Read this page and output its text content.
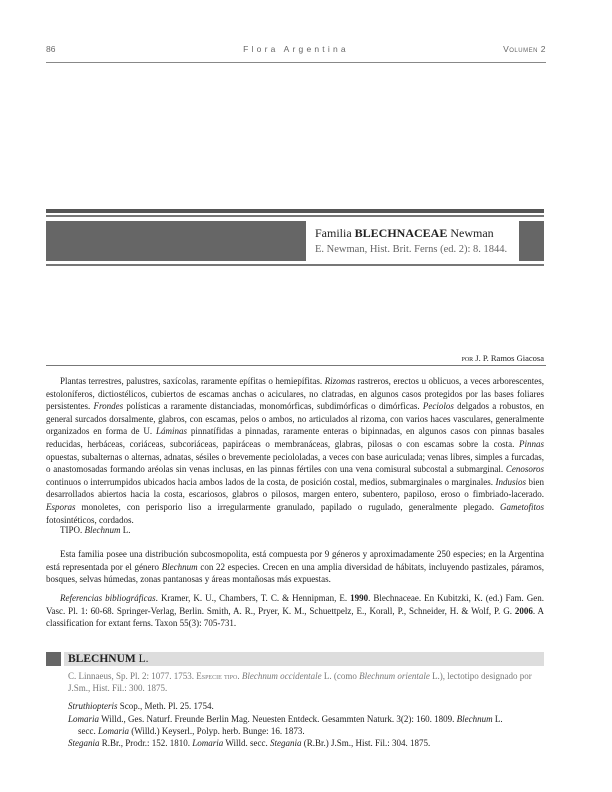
86	Flora Argentina	Volumen 2
Familia BLECHNACEAE Newman
E. Newman, Hist. Brit. Ferns (ed. 2): 8. 1844.
por J. P. Ramos Giacosa
Plantas terrestres, palustres, saxícolas, raramente epífitas o hemiepífitas. Rizomas rastreros, erectos u oblicuos, a veces arborescentes, estoloníferos, dictiostélicos, cubiertos de escamas anchas o aciculares, no clatradas, en algunos casos protegidos por las bases foliares persistentes. Frondes polísticas a raramente distanciadas, monomórficas, subdimórficas o dimórficas. Peciolos delgados a robustos, en general surcados dorsalmente, glabros, con escamas, pelos o ambos, no articulados al rizoma, con varios haces vasculares, generalmente organizados en forma de U. Láminas pinnatífidas a pinnadas, raramente enteras o bipinnadas, en algunos casos con pinnas basales reducidas, herbáceas, coriáceas, subcoriáceas, papiráceas o membranáceas, glabras, pilosas o con escamas sobre la costa. Pinnas opuestas, subalternas o alternas, adnatas, sésiles o brevemente peciololadas, a veces con base auriculada; venas libres, simples a furcadas, o anastomosadas formando aréolas sin venas inclusas, en las pinnas fértiles con una vena comisural subcostal a submarginal. Cenosoros continuos o interrumpidos ubicados hacia ambos lados de la costa, de posición costal, medios, submarginales o marginales. Indusios bien desarrollados abiertos hacia la costa, escariosos, glabros o pilosos, margen entero, subentero, papiloso, eroso o fimbriado-lacerado. Esporas monoletes, con perisporio liso a irregularmente granulado, papilado o rugulado, generalmente plegado. Gametofitos fotosintéticos, cordados.
TIPO. Blechnum L.
Esta familia posee una distribución subcosmopolita, está compuesta por 9 géneros y aproximadamente 250 especies; en la Argentina está representada por el género Blechnum con 22 especies. Crecen en una amplia diversidad de hábitats, incluyendo pastizales, páramos, bosques, selvas húmedas, zonas pantanosas y áreas montañosas más expuestas.
Referencias bibliográficas. Kramer, K. U., Chambers, T. C. & Hennipman, E. 1990. Blechnaceae. En Kubitzki, K. (ed.) Fam. Gen. Vasc. Pl. 1: 60-68. Springer-Verlag, Berlin. Smith, A. R., Pryer, K. M., Schuettpelz, E., Korall, P., Schneider, H. & Wolf, P. G. 2006. A classification for extant ferns. Taxon 55(3): 705-731.
BLECHNUM L.
C. Linnaeus, Sp. Pl. 2: 1077. 1753. Especie tipo. Blechnum occidentale L. (como Blechnum orientale L.), lectotipo designado por J.Sm., Hist. Fil.: 300. 1875.
Struthiopteris Scop., Meth. Pl. 25. 1754.
Lomaria Willd., Ges. Naturf. Freunde Berlin Mag. Neuesten Entdeck. Gesammten Naturk. 3(2): 160. 1809. Blechnum L.
secc. Lomaria (Willd.) Keyserl., Polyp. herb. Bunge: 16. 1873.
Stegania R.Br., Prodr.: 152. 1810. Lomaria Willd. secc. Stegania (R.Br.) J.Sm., Hist. Fil.: 304. 1875.
